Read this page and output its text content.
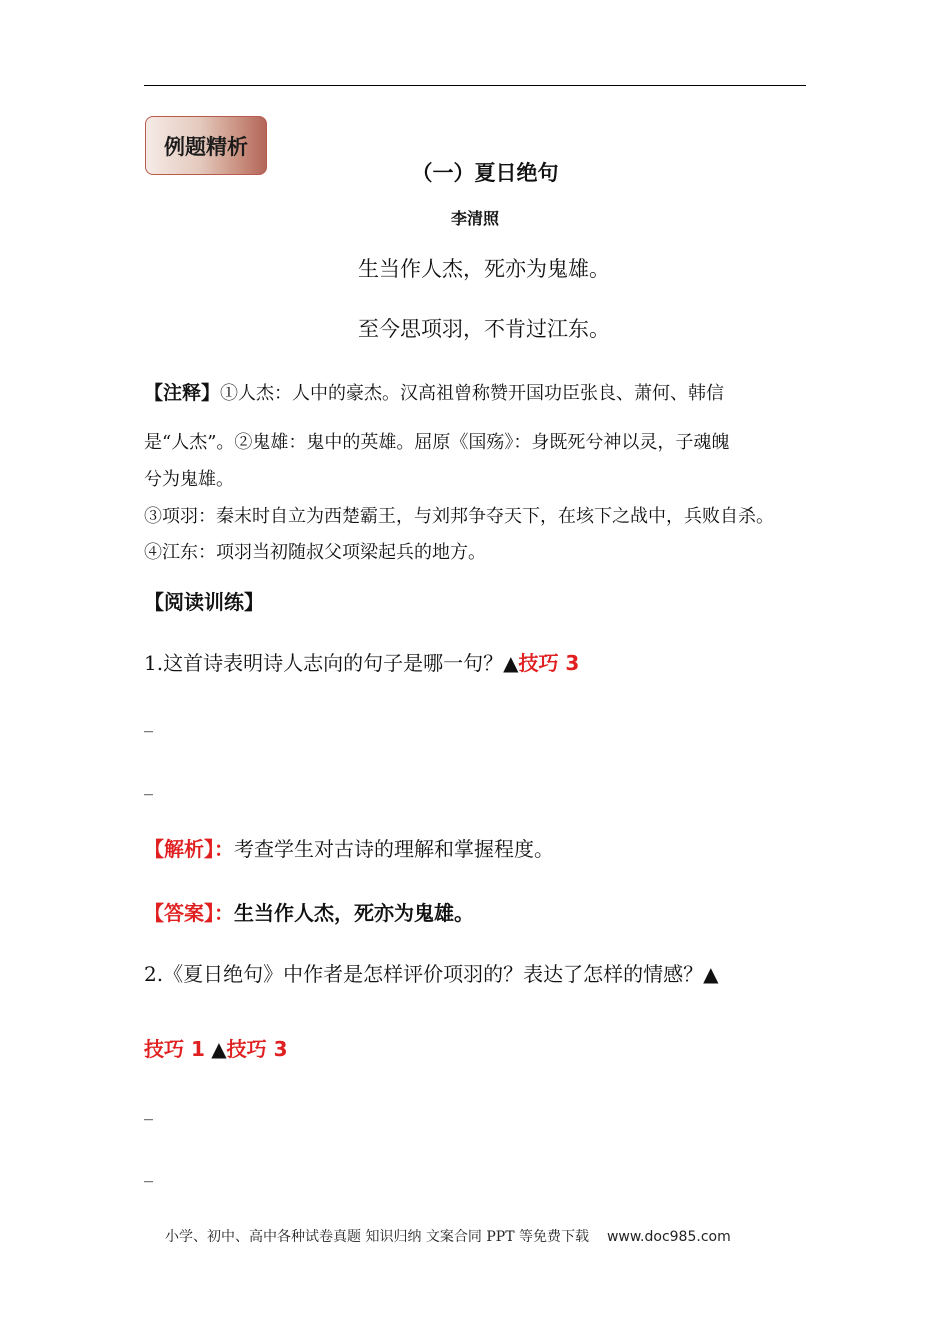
例题精析
（一）夏日绝句
李清照
生当作人杰，死亦为鬼雄。
至今思项羽，不肯过江东。
【注释】①人杰：人中的豪杰。汉高祖曾称赞开国功臣张良、萧何、韩信
是“人杰”。②鬼雄：鬼中的英雄。屈原《国殇》：身既死兮神以灵，子魂魄
兮为鬼雄。
③项羽：秦末时自立为西楚霸王，与刘邦争夺天下，在垓下之战中，兵败自杀。
④江东：项羽当初随叔父项梁起兵的地方。
【阅读训练】
1.这首诗表明诗人志向的句子是哪一句？▲技巧 3
_
_
【解析】：考查学生对古诗的理解和掌握程度。
【答案】：生当作人杰，死亦为鬼雄。
2.《夏日绝句》中作者是怎样评价项羽的？表达了怎样的情感？▲
技巧 1 ▲技巧 3
_
_
小学、初中、高中各种试卷真题 知识归纳 文案合同 PPT 等免费下载 www.doc985.com
